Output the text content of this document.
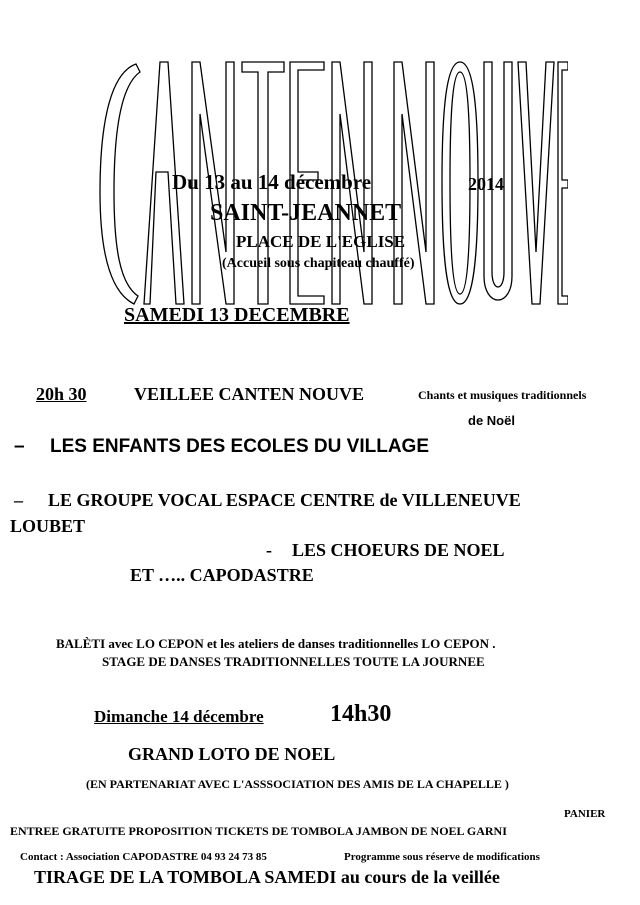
Du 13 au 14 décembre	2014
SAINT-JEANNET
PLACE DE L'EGLISE
(Accueil sous chapiteau chauffé)
SAMEDI 13 DECEMBRE
20h 30	VEILLEE CANTEN NOUVE	Chants et musiques traditionnels
de Noël
– LES ENFANTS DES ECOLES DU VILLAGE
– LE GROUPE VOCAL ESPACE CENTRE de VILLENEUVE
LOUBET
- LES CHOEURS DE NOEL
ET ….. CAPODASTRE
BALÈTI avec LO CEPON et les ateliers de danses traditionnelles LO CEPON .
STAGE DE DANSES TRADITIONNELLES TOUTE LA JOURNEE
Dimanche 14 décembre	14h30
GRAND LOTO DE NOEL
(EN PARTENARIAT AVEC L'ASSSOCIATION DES AMIS DE LA CHAPELLE )
PANIER
ENTREE GRATUITE PROPOSITION TICKETS DE TOMBOLA JAMBON DE NOEL GARNI
Contact : Association CAPODASTRE 04 93 24 73 85	Programme sous réserve de modifications
TIRAGE DE LA TOMBOLA SAMEDI au cours de la veillée
